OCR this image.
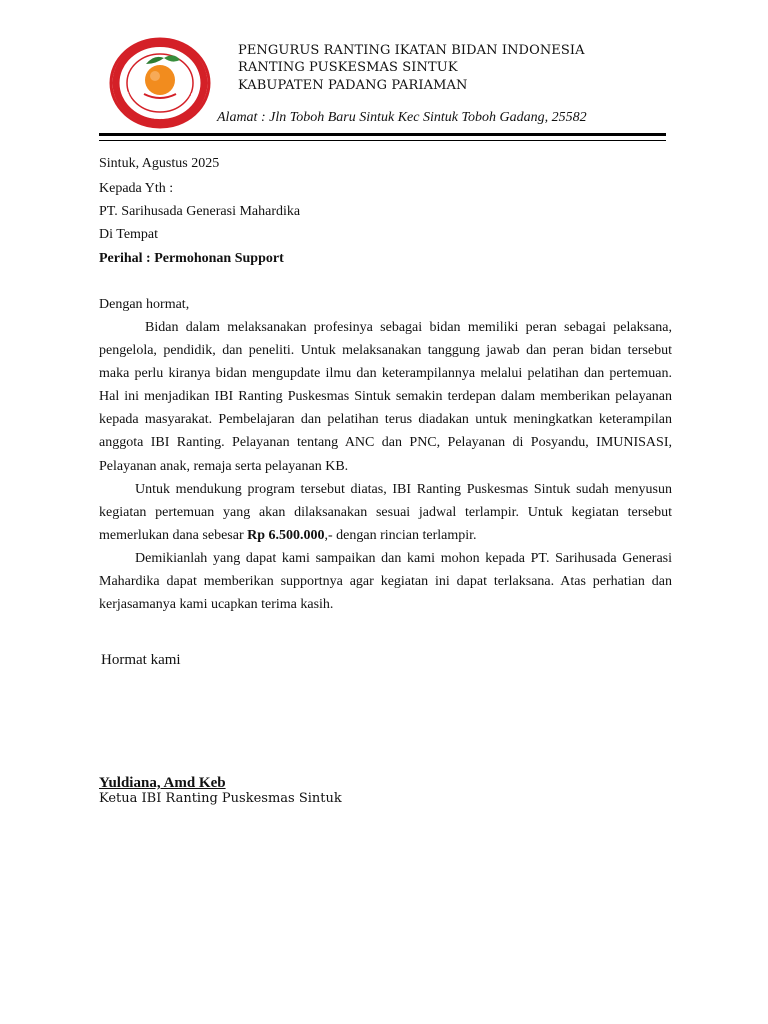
IKATAN BIDAN INDONESIA
PENGURUS RANTING IKATAN BIDAN INDONESIA
RANTING PUSKESMAS SINTUK
KABUPATEN PADANG PARIAMAN
Alamat : Jln Toboh Baru Sintuk Kec Sintuk Toboh Gadang, 25582
Sintuk, Agustus 2025
Kepada Yth :
PT. Sarihusada Generasi Mahardika
Di Tempat
Perihal : Permohonan Support
Dengan hormat,

Bidan dalam melaksanakan profesinya sebagai bidan memiliki peran sebagai pelaksana, pengelola, pendidik, dan peneliti. Untuk melaksanakan tanggung jawab dan peran bidan tersebut maka perlu kiranya bidan mengupdate ilmu dan keterampilannya melalui pelatihan dan pertemuan. Hal ini menjadikan IBI Ranting Puskesmas Sintuk semakin terdepan dalam memberikan pelayanan kepada masyarakat. Pembelajaran dan pelatihan terus diadakan untuk meningkatkan keterampilan anggota IBI Ranting. Pelayanan tentang ANC dan PNC, Pelayanan di Posyandu, IMUNISASI, Pelayanan anak, remaja serta pelayanan KB.

Untuk mendukung program tersebut diatas, IBI Ranting Puskesmas Sintuk sudah menyusun kegiatan pertemuan yang akan dilaksanakan sesuai jadwal terlampir. Untuk kegiatan tersebut memerlukan dana sebesar Rp 6.500.000,- dengan rincian terlampir.

Demikianlah yang dapat kami sampaikan dan kami mohon kepada PT. Sarihusada Generasi Mahardika dapat memberikan supportnya agar kegiatan ini dapat terlaksana. Atas perhatian dan kerjasamanya kami ucapkan terima kasih.

Hormat kami
Yuldiana, Amd Keb
Ketua IBI Ranting Puskesmas Sintuk
